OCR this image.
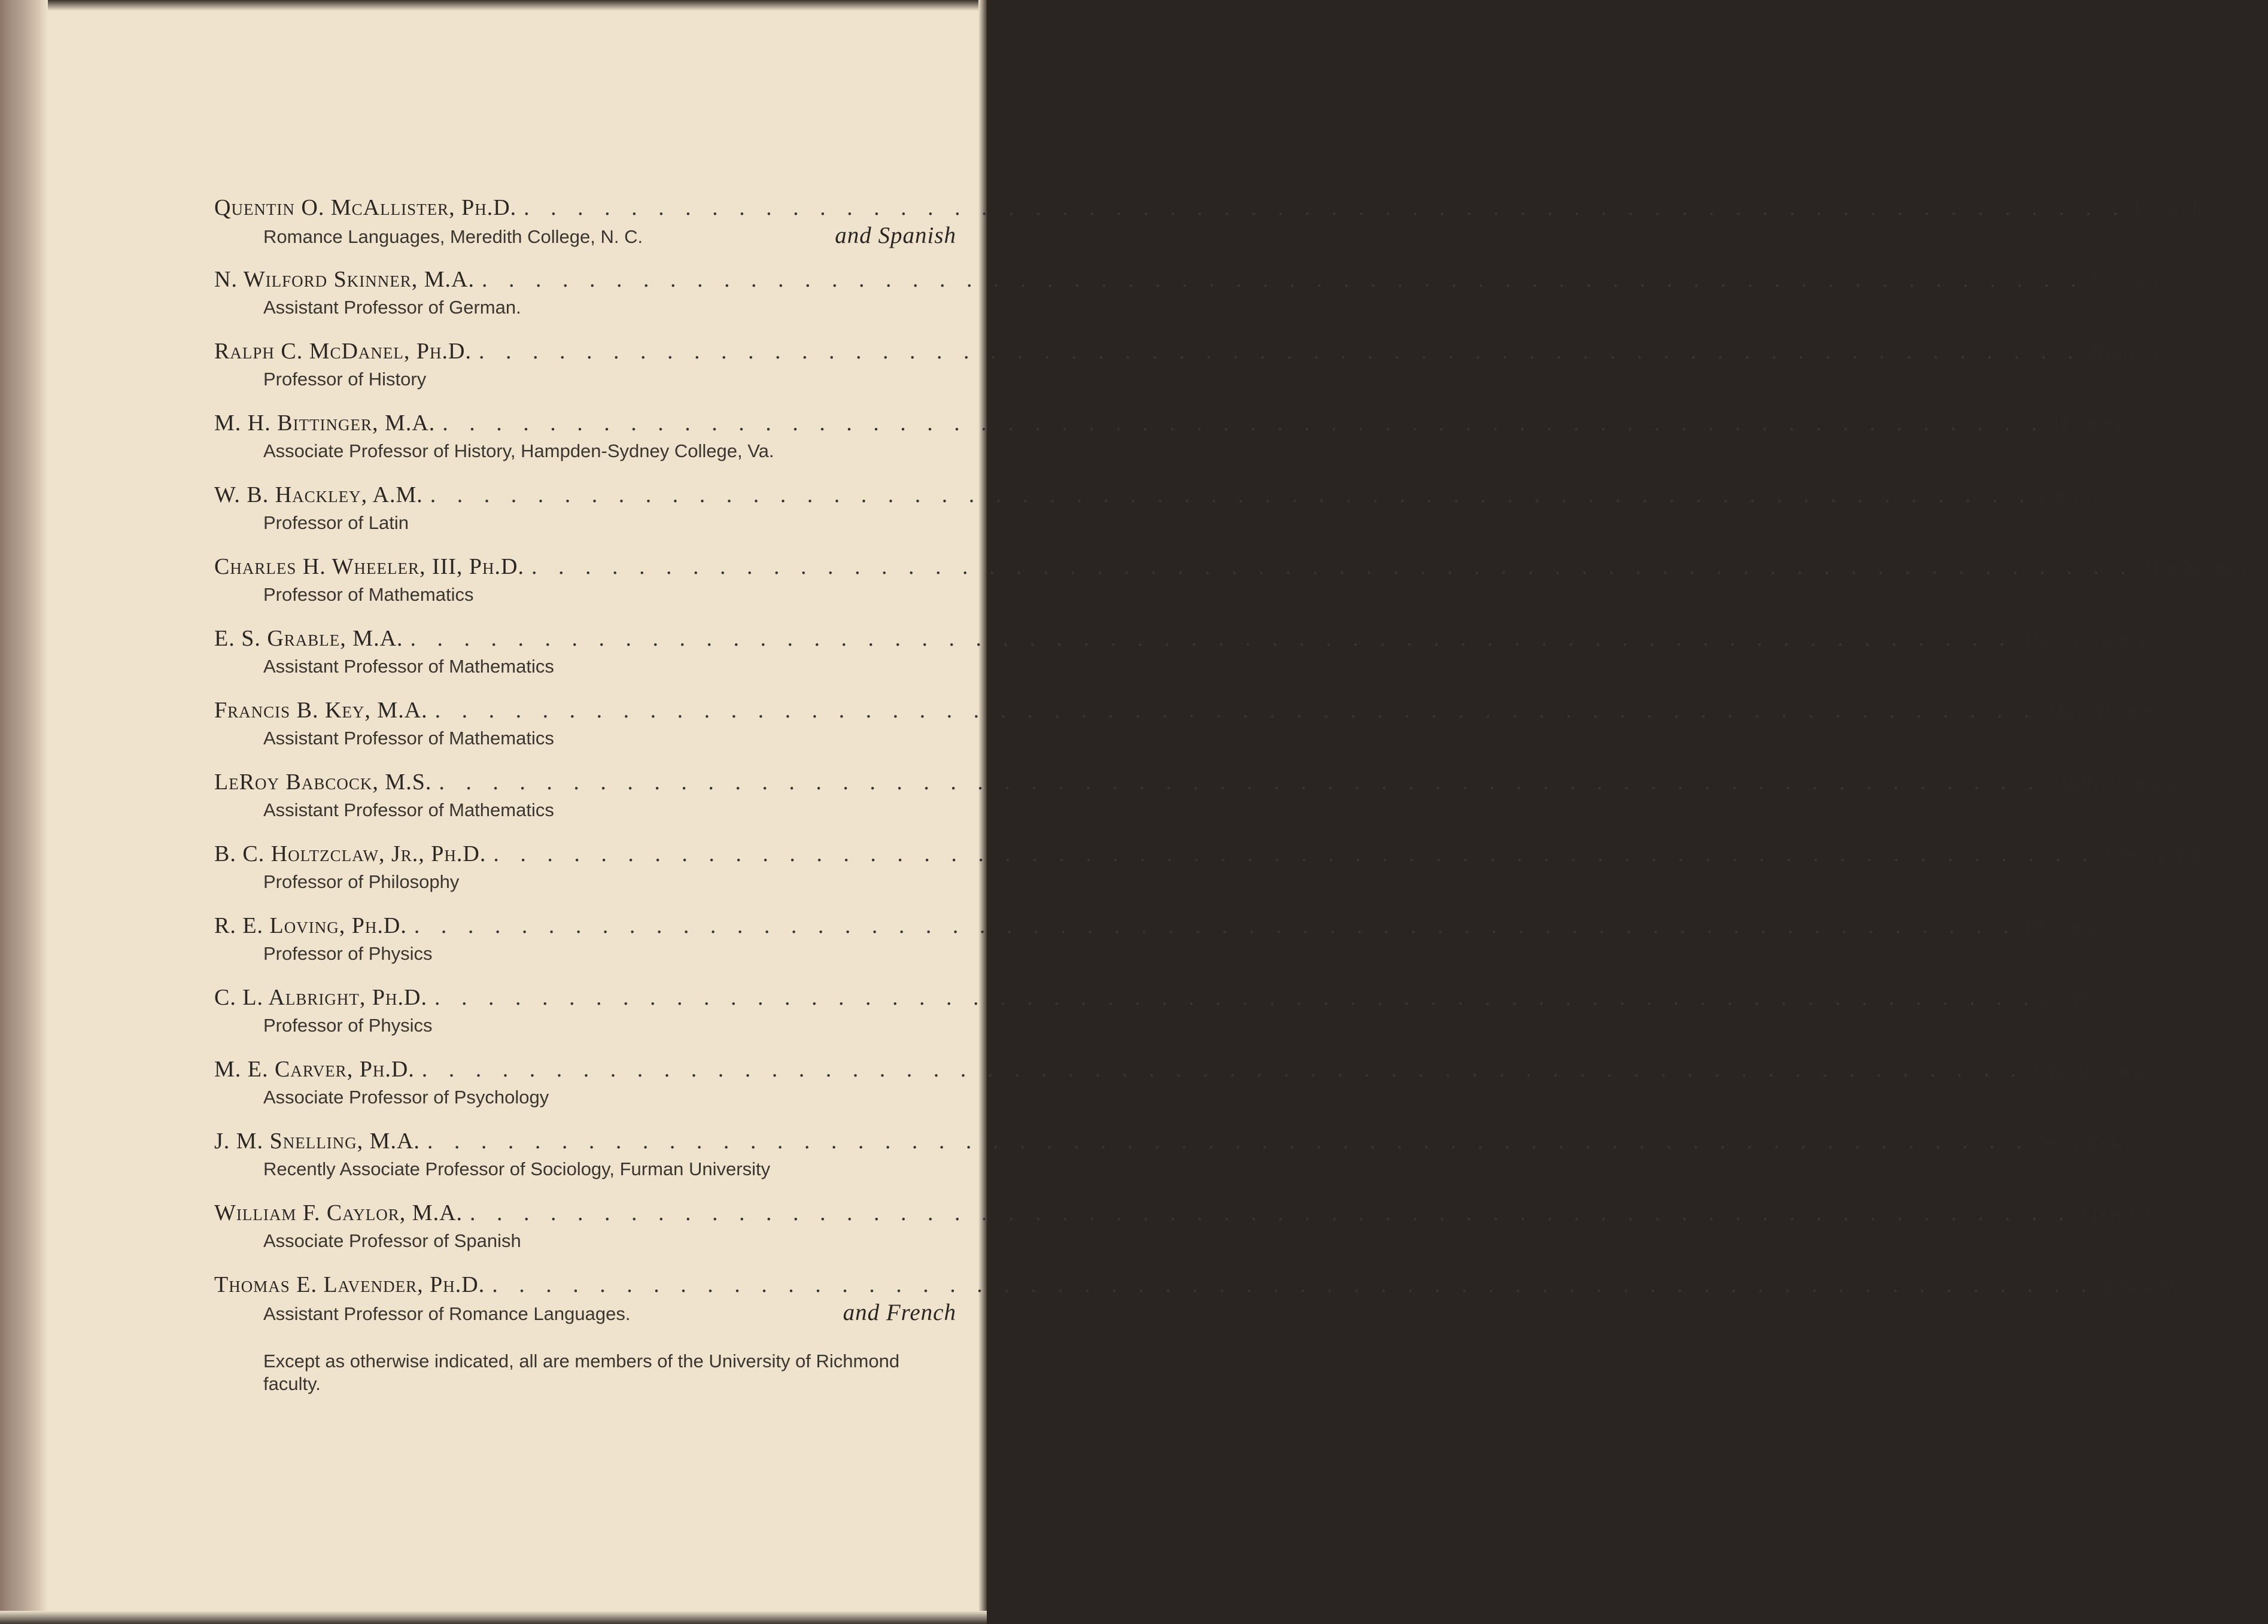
Quentin O. McAllister, Ph.D. . . . . . . . . . . . . . . . . . . . . . . . . . . . . . . . . . . . . . . . . . . . . . . . . . . . . . . . . . . . . French
Romance Languages, Meredith College, N. C.	and Spanish
N. Wilford Skinner, M.A. . . . . . . . . . . . . . . . . . . . . . . . . . . . . . . . . . . . . . . . . . . . . . . . . . . . . . . . . . . . . German
Assistant Professor of German.
Ralph C. McDanel, Ph.D. . . . . . . . . . . . . . . . . . . . . . . . . . . . . . . . . . . . . . . . . . . . . . . . . . . . . . . . . . . . . History
Professor of History
M. H. Bittinger, M.A. . . . . . . . . . . . . . . . . . . . . . . . . . . . . . . . . . . . . . . . . . . . . . . . . . . . . . . . . . . . . History
Associate Professor of History, Hampden-Sydney College, Va.
W. B. Hackley, A.M. . . . . . . . . . . . . . . . . . . . . . . . . . . . . . . . . . . . . . . . . . . . . . . . . . . . . . . . . . . . . Latin
Professor of Latin
Charles H. Wheeler, III, Ph.D. . . . . . . . . . . . . . . . . . . . . . . . . . . . . . . . . . . . . . . . . . . . . . . . . . . . . . . . . . . . . Mathematics
Professor of Mathematics
E. S. Grable, M.A. . . . . . . . . . . . . . . . . . . . . . . . . . . . . . . . . . . . . . . . . . . . . . . . . . . . . . . . . . . . . Mathematics
Assistant Professor of Mathematics
Francis B. Key, M.A. . . . . . . . . . . . . . . . . . . . . . . . . . . . . . . . . . . . . . . . . . . . . . . . . . . . . . . . . . . . . Mathematics
Assistant Professor of Mathematics
LeRoy Babcock, M.S. . . . . . . . . . . . . . . . . . . . . . . . . . . . . . . . . . . . . . . . . . . . . . . . . . . . . . . . . . . . . Mathematics
Assistant Professor of Mathematics
B. C. Holtzclaw, Jr., Ph.D. . . . . . . . . . . . . . . . . . . . . . . . . . . . . . . . . . . . . . . . . . . . . . . . . . . . . . . . . . . . . Philosophy
Professor of Philosophy
R. E. Loving, Ph.D. . . . . . . . . . . . . . . . . . . . . . . . . . . . . . . . . . . . . . . . . . . . . . . . . . . . . . . . . . . . . Physics
Professor of Physics
C. L. Albright, Ph.D. . . . . . . . . . . . . . . . . . . . . . . . . . . . . . . . . . . . . . . . . . . . . . . . . . . . . . . . . . . . . Physics
Professor of Physics
M. E. Carver, Ph.D. . . . . . . . . . . . . . . . . . . . . . . . . . . . . . . . . . . . . . . . . . . . . . . . . . . . . . . . . . . . . Psychology
Associate Professor of Psychology
J. M. Snelling, M.A. . . . . . . . . . . . . . . . . . . . . . . . . . . . . . . . . . . . . . . . . . . . . . . . . . . . . . . . . . . . . Sociology
Recently Associate Professor of Sociology, Furman University
William F. Caylor, M.A. . . . . . . . . . . . . . . . . . . . . . . . . . . . . . . . . . . . . . . . . . . . . . . . . . . . . . . . . . . . . Spanish
Associate Professor of Spanish
Thomas E. Lavender, Ph.D. . . . . . . . . . . . . . . . . . . . . . . . . . . . . . . . . . . . . . . . . . . . . . . . . . . . . . . . . . . . . Spanish
Assistant Professor of Romance Languages.	and French
Except as otherwise indicated, all are members of the University of Richmond faculty.
